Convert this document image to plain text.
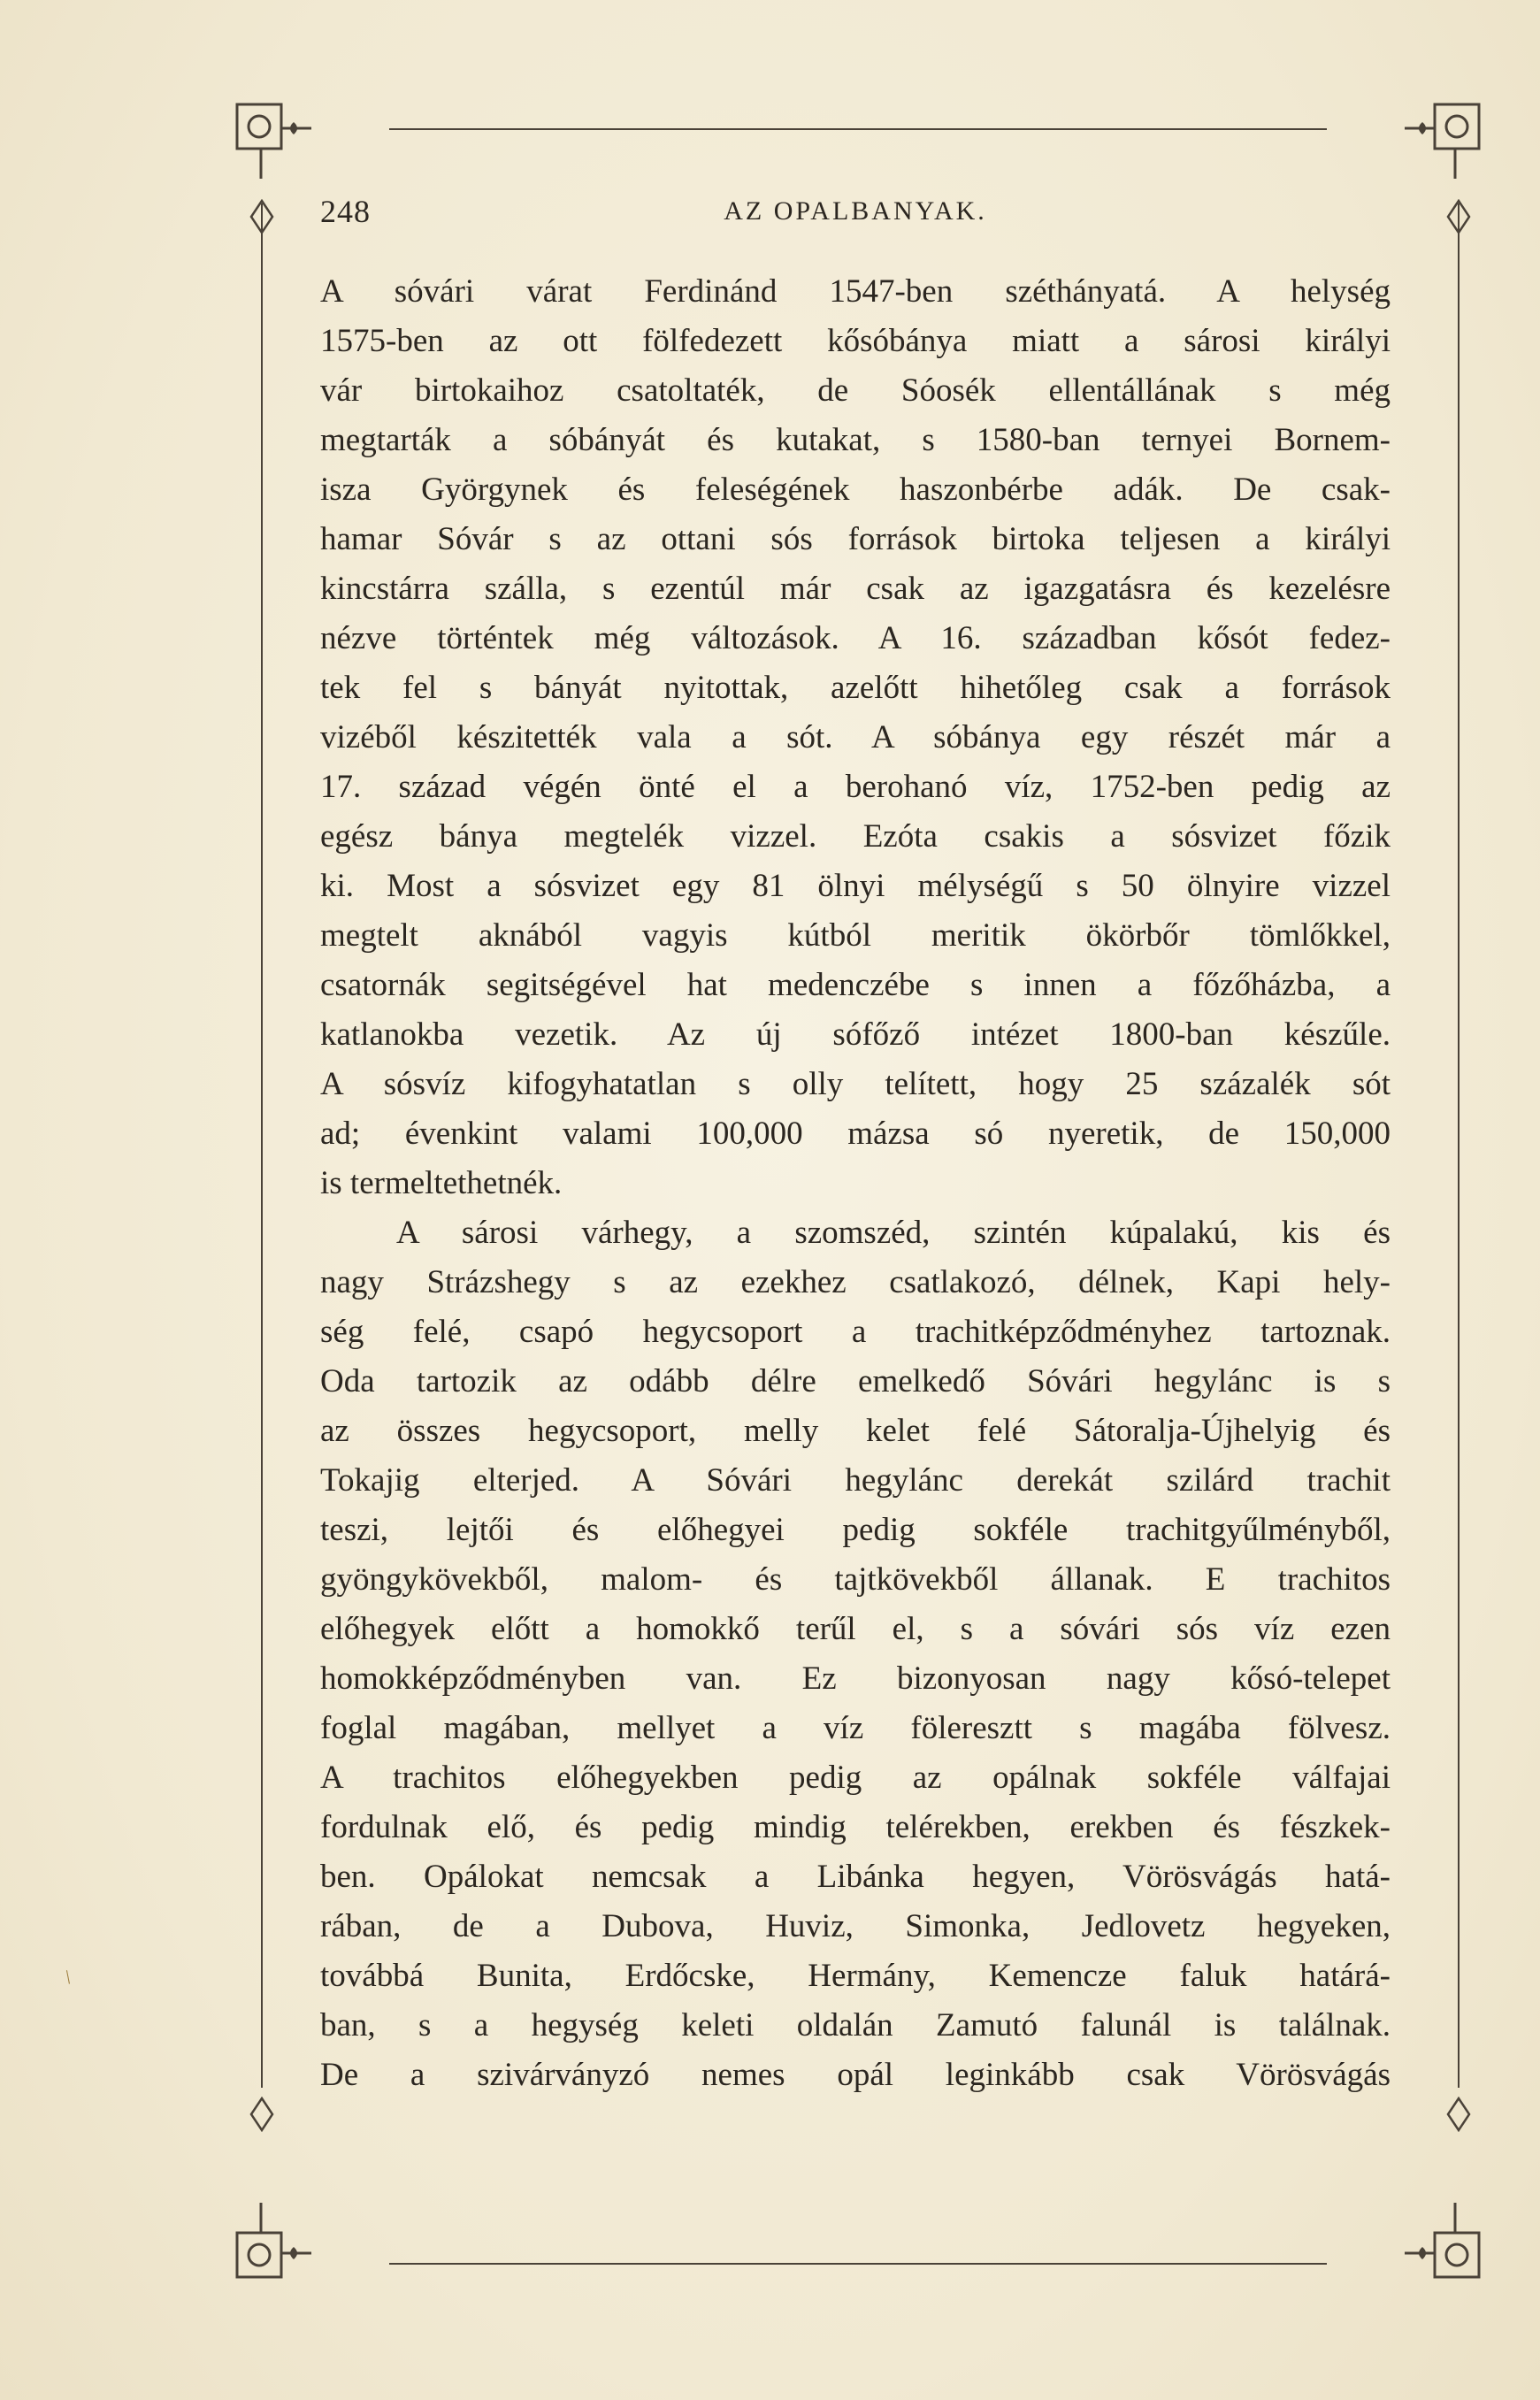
248	AZ OPALBANYAK.

A sóvári várat Ferdinánd 1547-ben széthányatá. A helység

1575-ben az ott fölfedezett kősóbánya miatt a sárosi királyi

vár birtokaihoz csatoltaték, de Sóosék ellentállának s még

megtarták a sóbányát és kutakat, s 1580-ban ternyei Bornem-

isza Györgynek és feleségének haszonbérbe adák. De csak-

hamar Sóvár s az ottani sós források birtoka teljesen a királyi

kincstárra szálla, s ezentúl már csak az igazgatásra és kezelésre

nézve történtek még változások. A 16. században kősót fedez-

tek fel s bányát nyitottak, azelőtt hihetőleg csak a források

vizéből készitették vala a sót. A sóbánya egy részét már a

17. század végén önté el a berohanó víz, 1752-ben pedig az

egész bánya megtelék vizzel. Ezóta csakis a sósvizet főzik

ki. Most a sósvizet egy 81 ölnyi mélységű s 50 ölnyire vizzel

megtelt aknából vagyis kútból meritik ökörbőr tömlőkkel,

csatornák segitségével hat medenczébe s innen a főzőházba, a

katlanokba vezetik. Az új sófőző intézet 1800-ban készűle.

A sósvíz kifogyhatatlan s olly telített, hogy 25 százalék sót

ad; évenkint valami 100,000 mázsa só nyeretik, de 150,000

is termeltethetnék.

A sárosi várhegy, a szomszéd, szintén kúpalakú, kis és

nagy Strázshegy s az ezekhez csatlakozó, délnek, Kapi hely-

ség felé, csapó hegycsoport a trachitképződményhez tartoznak.

Oda tartozik az odább délre emelkedő Sóvári hegylánc is s

az összes hegycsoport, melly kelet felé Sátoralja-Újhelyig és

Tokajig elterjed. A Sóvári hegylánc derekát szilárd trachit

teszi, lejtői és előhegyei pedig sokféle trachitgyűlményből,

gyöngykövekből, malom- és tajtkövekből állanak. E trachitos

előhegyek előtt a homokkő terűl el, s a sóvári sós víz ezen

homokképződményben van. Ez bizonyosan nagy kősó-telepet

foglal magában, mellyet a víz föleresztt s magába fölvesz.

A trachitos előhegyekben pedig az opálnak sokféle válfajai

fordulnak elő, és pedig mindig telérekben, erekben és fészkek-

ben. Opálokat nemcsak a Libánka hegyen, Vörösvágás hatá-

rában, de a Dubova, Huviz, Simonka, Jedlovetz hegyeken,

továbbá Bunita, Erdőcske, Hermány, Kemencze faluk határá-

ban, s a hegység keleti oldalán Zamutó falunál is találnak.

De a szivárványzó nemes opál leginkább csak Vörösvágás

/
